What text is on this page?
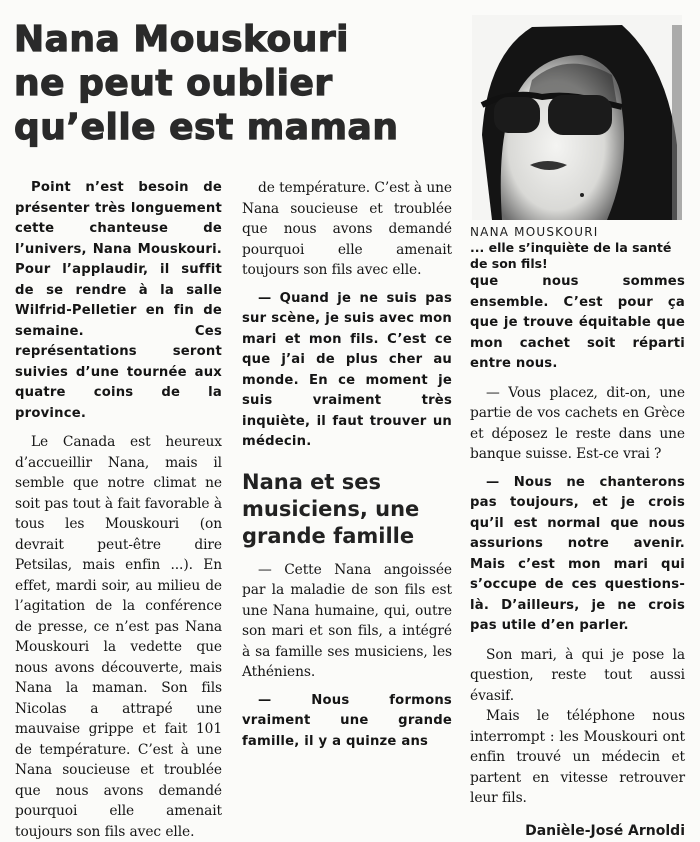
Nana Mouskouri
ne peut oublier
qu’elle est maman

NANA MOUSKOURI

... elle s’inquiète de la santé de son fils!

Point n’est besoin de présenter très longuement cette chanteuse de l’univers, Nana Mouskouri. Pour l’applaudir, il suffit de se rendre à la salle Wilfrid-Pelletier en fin de semaine. Ces représentations seront suivies d’une tournée aux quatre coins de la province.

Le Canada est heureux d’accueillir Nana, mais il semble que notre climat ne soit pas tout à fait favorable à tous les Mouskouri (on devrait peut-être dire Petsilas, mais enfin ...). En effet, mardi soir, au milieu de l’agitation de la conférence de presse, ce n’est pas Nana Mouskouri la vedette que nous avons découverte, mais Nana la maman. Son fils Nicolas a attrapé une mauvaise grippe et fait 101 de température. C’est à une Nana soucieuse et troublée que nous avons demandé pourquoi elle amenait toujours son fils avec elle.

de température. C’est à une Nana soucieuse et troublée que nous avons demandé pourquoi elle amenait toujours son fils avec elle.

— Quand je ne suis pas sur scène, je suis avec mon mari et mon fils. C’est ce que j’ai de plus cher au monde. En ce moment je suis vraiment très inquiète, il faut trouver un médecin.

Nana et ses musiciens, une grande famille

— Cette Nana angoissée par la maladie de son fils est une Nana humaine, qui, outre son mari et son fils, a intégré à sa famille ses musiciens, les Athéniens.

— Nous formons vraiment une grande famille, il y a quinze ans

que nous sommes ensemble. C’est pour ça que je trouve équitable que mon cachet soit réparti entre nous.

— Vous placez, dit-on, une partie de vos cachets en Grèce et déposez le reste dans une banque suisse. Est-ce vrai ?

— Nous ne chanterons pas toujours, et je crois qu’il est normal que nous assurions notre avenir. Mais c’est mon mari qui s’occupe de ces questions-là. D’ailleurs, je ne crois pas utile d’en parler.

Son mari, à qui je pose la question, reste tout aussi évasif.

Mais le téléphone nous interrompt : les Mouskouri ont enfin trouvé un médecin et partent en vitesse retrouver leur fils.

Danièle-José Arnoldi
